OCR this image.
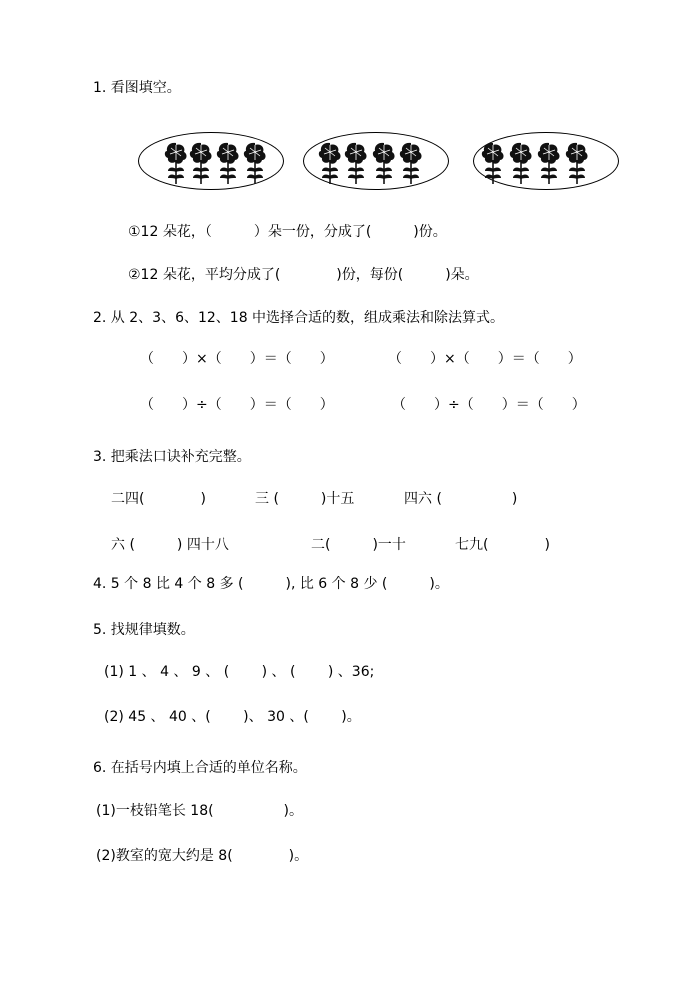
1. 看图填空。
①12 朵花，（　　　）朵一份，分成了(　　　)份。
②12 朵花，平均分成了(　　　　)份，每份(　　　)朵。
2. 从 2、3、6、12、18 中选择合适的数，组成乘法和除法算式。
（　　）×（　　）＝（　　）	（　　）×（　　）＝（　　）
（　　）÷（　　）＝（　　）	（　　）÷（　　）＝（　　）
3. 把乘法口诀补充完整。
二四(　　　　)	三 (　　　)十五	四六 (　　　　　)
六 (　　　) 四十八	二(　　　)一十	七九(　　　　)
4. 5 个 8 比 4 个 8 多 (　　　), 比 6 个 8 少 (　　　)。
5. 找规律填数。
(1) 1 、 4 、 9 、 (　　 ) 、 (　　 ) 、36;
(2) 45 、 40 、(　　 )、 30 、(　　 )。
6. 在括号内填上合适的单位名称。
(1)一枝铅笔长 18(　　　　　)。
(2)教室的宽大约是 8(　　　　)。
